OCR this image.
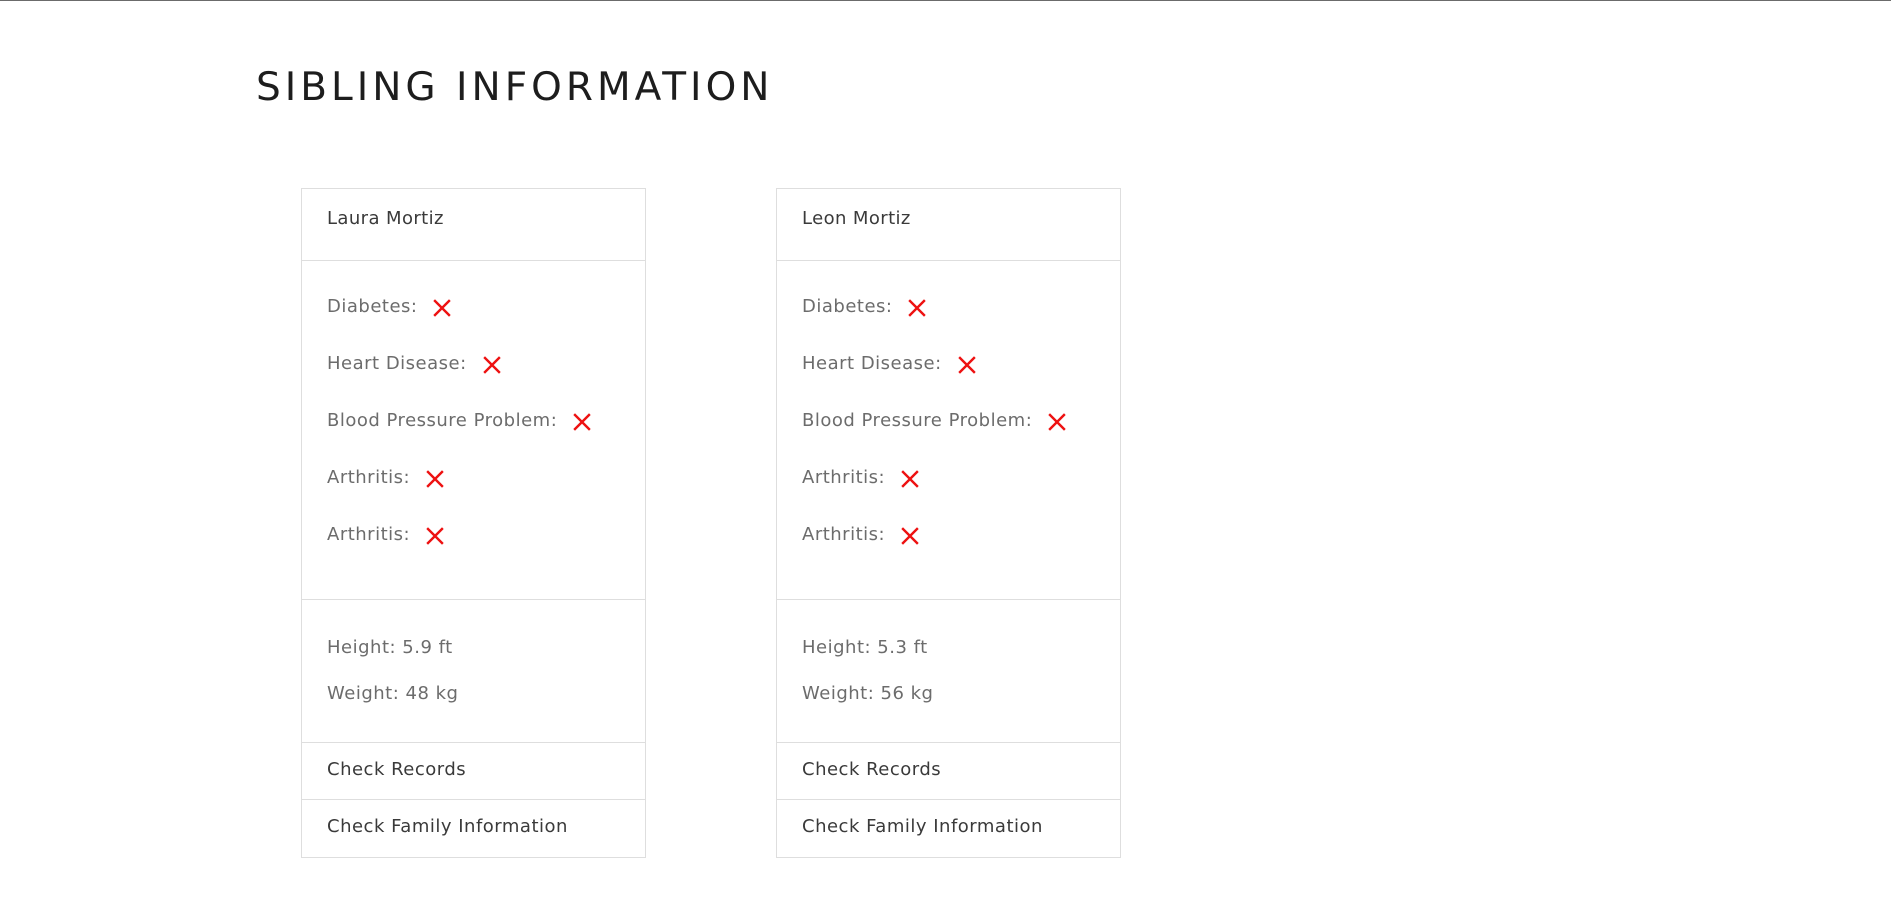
SIBLING INFORMATION
Laura Mortiz
Diabetes:
Heart Disease:
Blood Pressure Problem:
Arthritis:
Arthritis:
Height: 5.9 ft
Weight: 48 kg
Check Records
Check Family Information
Leon Mortiz
Diabetes:
Heart Disease:
Blood Pressure Problem:
Arthritis:
Arthritis:
Height: 5.3 ft
Weight: 56 kg
Check Records
Check Family Information
